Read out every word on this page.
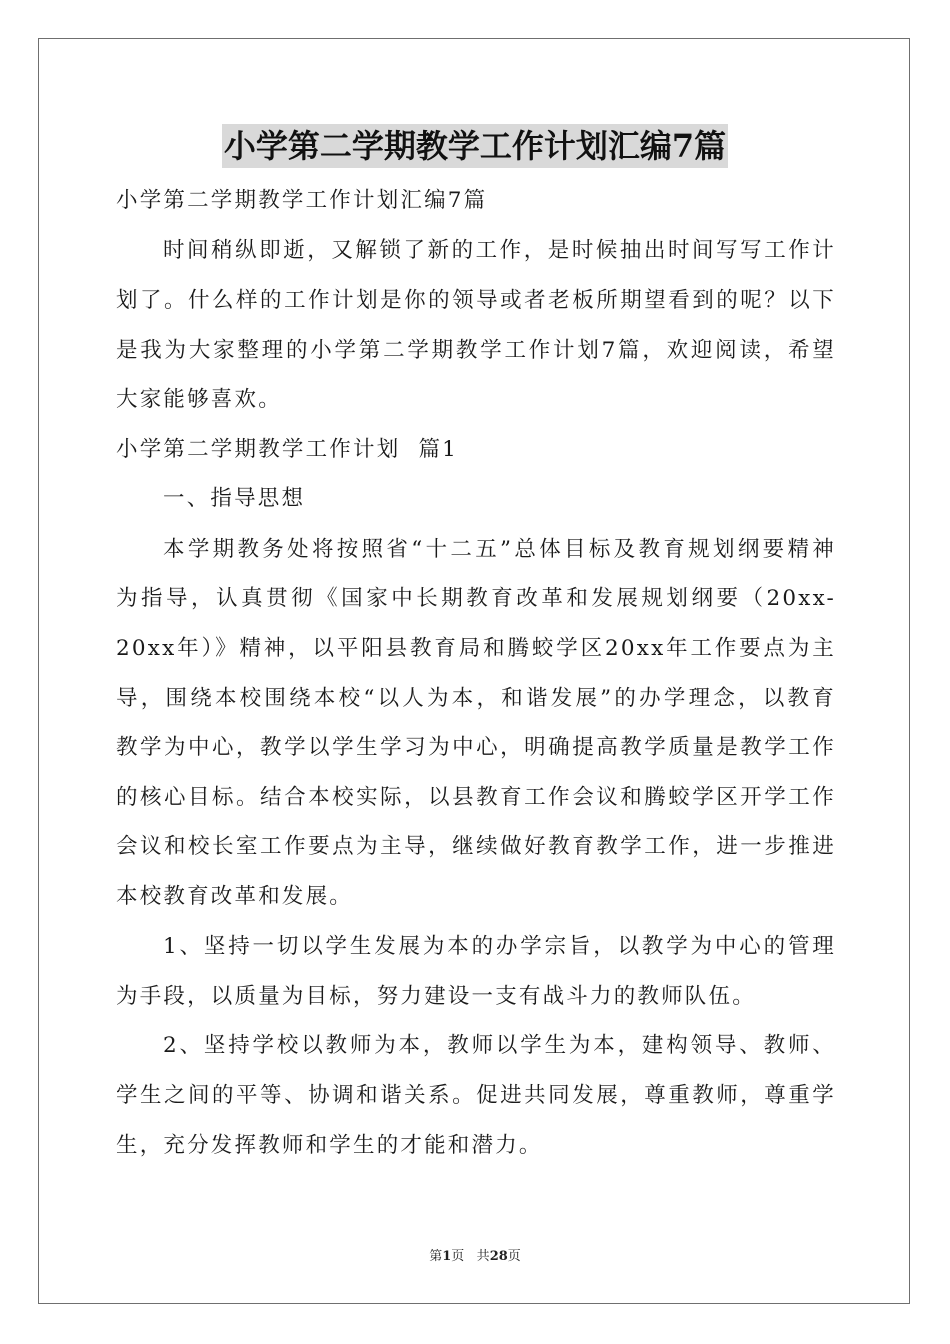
小学第二学期教学工作计划汇编7篇

小学第二学期教学工作计划汇编7篇

时间稍纵即逝，又解锁了新的工作，是时候抽出时间写写工作计

划了。什么样的工作计划是你的领导或者老板所期望看到的呢？以下

是我为大家整理的小学第二学期教学工作计划7篇，欢迎阅读，希望

大家能够喜欢。

小学第二学期教学工作计划  篇1

一、指导思想

本学期教务处将按照省“十二五”总体目标及教育规划纲要精神

为指导，认真贯彻《国家中长期教育改革和发展规划纲要（20xx-

20xx年）》精神，以平阳县教育局和腾蛟学区20xx年工作要点为主

导，围绕本校围绕本校“以人为本，和谐发展”的办学理念，以教育

教学为中心，教学以学生学习为中心，明确提高教学质量是教学工作

的核心目标。结合本校实际，以县教育工作会议和腾蛟学区开学工作

会议和校长室工作要点为主导，继续做好教育教学工作，进一步推进

本校教育改革和发展。

1、坚持一切以学生发展为本的办学宗旨，以教学为中心的管理

为手段，以质量为目标，努力建设一支有战斗力的教师队伍。

2、坚持学校以教师为本，教师以学生为本，建构领导、教师、

学生之间的平等、协调和谐关系。促进共同发展，尊重教师，尊重学

生，充分发挥教师和学生的才能和潜力。

第1页 共28页
